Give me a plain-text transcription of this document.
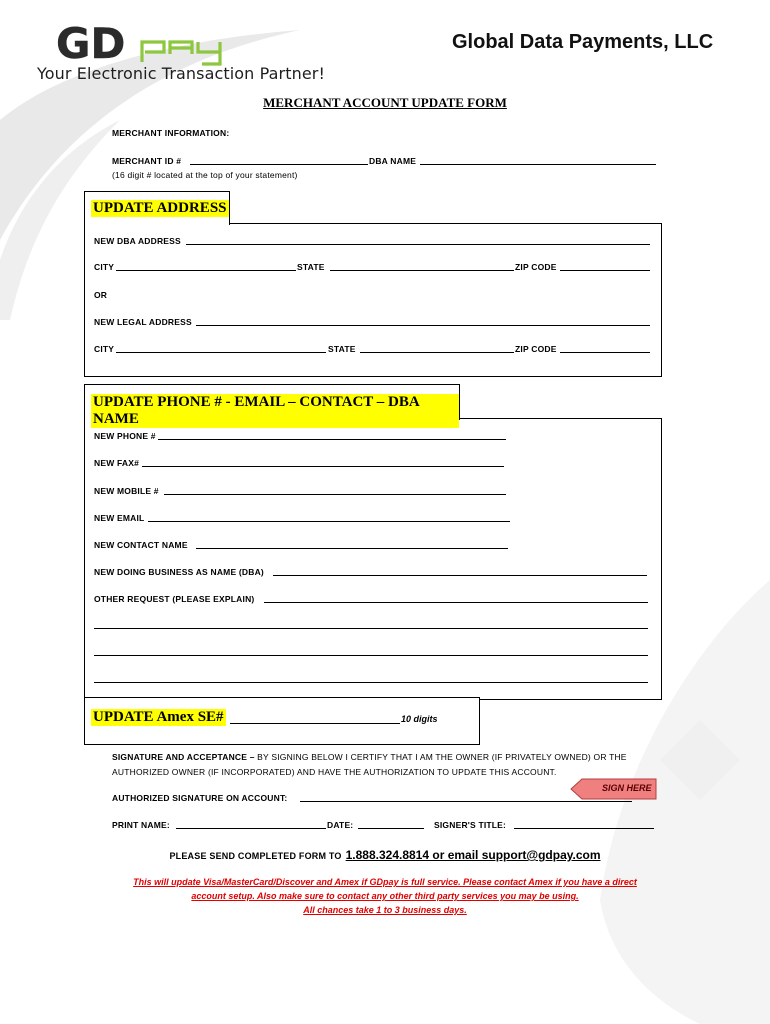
GD	Global Data Payments, LLC
Your Electronic Transaction Partner!
MERCHANT ACCOUNT UPDATE FORM
MERCHANT INFORMATION:
MERCHANT ID #	DBA NAME
(16 digit # located at the top of your statement)
UPDATE ADDRESS
NEW DBA ADDRESS
CITY	STATE	ZIP CODE
OR
NEW LEGAL ADDRESS
CITY	STATE	ZIP CODE
UPDATE PHONE # - EMAIL – CONTACT – DBA NAME
NEW PHONE #
NEW FAX#
NEW MOBILE #
NEW EMAIL
NEW CONTACT NAME
NEW DOING BUSINESS AS NAME (DBA)
OTHER REQUEST (PLEASE EXPLAIN)
UPDATE Amex SE#	10 digits
SIGNATURE AND ACCEPTANCE – BY SIGNING BELOW I CERTIFY THAT I AM THE OWNER (IF PRIVATELY OWNED) OR THE
AUTHORIZED OWNER (IF INCORPORATED) AND HAVE THE AUTHORIZATION TO UPDATE THIS ACCOUNT.
AUTHORIZED SIGNATURE ON ACCOUNT:
SIGN HERE
PRINT NAME:	DATE:	SIGNER'S TITLE:
PLEASE SEND COMPLETED FORM TO 1.888.324.8814 or email support@gdpay.com
This will update Visa/MasterCard/Discover and Amex if GDpay is full service. Please contact Amex if you have a direct
account setup. Also make sure to contact any other third party services you may be using.
All chances take 1 to 3 business days.
